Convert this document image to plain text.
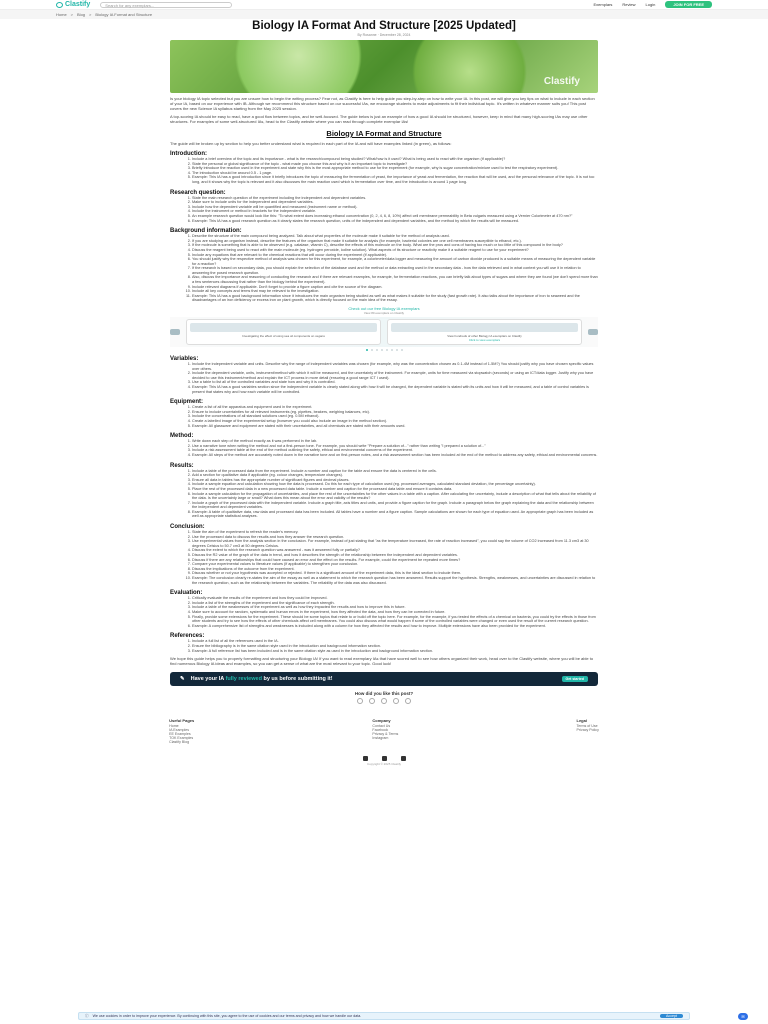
Clastify	Search for any exemplars...	Exemplars	Review	Login	JOIN FOR FREE
Home > Blog > Biology IA Format and Structure
Biology IA Format And Structure [2025 Updated]
By Rosanne · December 28, 2024
Clastify

Is your biology IA topic selected but you are unsure how to begin the writing process? Fear not, as Clastify is here to help guide you step-by-step on how to write your IA. In this post, we will give you key tips on what to include in each section of your IA, based on our experience with IB. Although we recommend this structure based on our successful IAs, we encourage students to make adjustments to fit their individual topic. It's written in whatever manner suits you! This post covers the new Science IA syllabus starting from the May 2025 session.

A top-scoring IA should be easy to read, have a good flow between topics, and be well-focused. The guide below is just an example of how a good IA should be structured, however, keep in mind that many high-scoring IAs may use other structures. For examples of some well-structured IAs, head to the Clastify website where you can read through complete exemplar IAs!

Biology IA Format and Structure

The guide will be broken up by section to help you better understand what is required in each part of the IA and will have examples linked (in green), as follows:

Introduction:
1. Include a brief overview of the topic and its importance - what is the research/compound being studied? What/how is it used? What is being used to react with the organism (if applicable)?
2. State the personal or global significance of the topic - what made you choose this and why is it an important topic to investigate?
3. Briefly introduce the reaction used in the experiment and state why this is the most appropriate method to use for the experiment (for example, why is sugar concentration/mixture used to test the respiratory experiment).
4. The introduction should be around 0.5 - 1 page.
5. Example: This IA has a good introduction since it briefly introduces the topic of measuring the fermentation of yeast, the importance of yeast and fermentation, the reaction that will be used, and the personal relevance of the topic. It is not too long, and it shows why the topic is relevant and it also discusses the main reaction used which is fermentation over time, and the introduction is around 1 page long.
Research question:
1. State the main research question of the experiment including the independent and dependent variables.
2. Make sure to include units for the independent and dependent variables.
3. Include how the dependent variable will be quantified and measured (instrument name or method).
4. Include the instrument or method in brackets for the independent variable.
5. An example research question would look like this: "To what extent does increasing ethanol concentration (0, 2, 4, 6, 8, 10%) affect cell membrane permeability in Beta vulgaris measured using a Vernier Colorimeter at 470 nm?"
6. Example: This IA has a good research question as it clearly states the research question, units of the independent and dependent variables, and the method by which the results will be measured.
Background information:
1. Describe the structure of the main compound being analyzed. Talk about what properties of the molecule make it suitable for the method of analysis used.
2. If you are studying an organism instead, describe the features of the organism that make it suitable for analysis (for example, bacterial colonies are one cell membranes susceptible to ethanol, etc.).
3. If the molecule is something that is able to be observed (e.g. catalase, vitamin C), describe the effects of this molecule on the body. What are the pros and cons of having too much or too little of this compound in the body?
4. Discuss the reagent being used to react with the main molecule (eg. hydrogen peroxide, iodine solution). What aspects of its structure or reactivity make it a suitable reagent to use for your experiment?
5. Include any equations that are relevant to the chemical reactions that will occur during the experiment (if applicable).
6. You should justify why the respective method of analysis was chosen for this experiment, for example, a colorimeter/data logger and measuring the amount of carbon dioxide produced is a suitable means of measuring the dependent variable for a reaction?
7. If the research is based on secondary data, you should explain the selection of the database used and the method or data extracting used in the secondary data - how the data retrieved and in what context you will use it in relation to answering the posed research question.
8. Also, discuss the importance and reasoning of conducting the research and if there are relevant examples, for example, for fermentation reactions, you can briefly talk about types of sugars and where they are found (we don't spend more than a few sentences discussing that rather than the biology behind the experiment).
9. Include relevant diagrams if applicable. Don't forget to provide a figure caption and cite the source of the diagram.
10. Include all key concepts and terms that may be relevant to the investigation.
11. Example: This IA has a good background information since it introduces the main organism being studied as well as what makes it suitable for the study (fast growth rate). It also talks about the importance of iron to seaweed and the disadvantages of an iron deficiency or excess iron on plant growth, which is directly focused on the main idea of the essay.
Check out our free Biology IA exemplars
View 80 exemplars on Clastify
Investigating the effect of using sea oil components on vegans	View hundreds of other Biology IA exemplars on Clastify
Click to view exemplars
Variables:
1. Include the independent variable and units. Describe why the range of independent variables was chosen (for example, why was the concentration chosen as 0.1-4M instead of 1-5M?) You should justify why you have chosen specific values over others.
2. Include the dependent variable, units, instrument/method with which it will be measured, and the uncertainty of the instrument. For example, units for time measured via stopwatch (seconds) or using an ICT/data logger. Justify why you have decided to use this instrument/method and explain the ICT process in more detail (ensuring a good range ICT I used).
3. Use a table to list all of the controlled variables and state how and why it is controlled.
4. Example: This IA has a good variables section since the independent variable is clearly stated along with how it will be changed, the dependent variable is stated with its units and how it will be measured, and a table of control variables is present that states why and how each variable will be controlled.
Equipment:
1. Create a list of all the apparatus and equipment used in the experiment.
2. Ensure to include uncertainties for all relevant instruments (eg. pipettes, beakers, weighing balances, etc).
3. Include the concentrations of all standard solutions used (eg. 0.5M ethanol).
4. Create a labelled image of the experimental setup (however you could also include an image in the method section).
5. Example: All glassware and equipment are stated with their uncertainties, and all chemicals are stated with their amounts used.
Method:
1. Write down each step of the method exactly as it was performed in the lab.
2. Use a narrative tone when writing the method and not a first-person tone. For example, you should write "Prepare a solution of..." rather than writing "I prepared a solution of..."
3. Include a risk assessment table at the end of the method outlining the safety, ethical and environmental concerns of the experiment.
4. Example: All steps of the method are accurately noted down in the narrative tone and on first-person notes, and a risk assessment section has been included at the end of the method to address any safety, ethical and environmental concerns.
Results:
1. Include a table of the processed data from the experiment. Include a number and caption for the table and ensure the data is centered in the cells.
2. Add a section for qualitative data if applicable (eg. colour changes, temperature changes).
3. Ensure all data in tables has the appropriate number of significant figures and decimal places.
4. Include a sample equation and calculation showing how the data is processed. Do this for each type of calculation used (eg. processed averages, calculated standard deviation, the percentage uncertainty).
5. Place the rest of the processed data in a new processed data table. Include a number and caption for the processed data table and ensure it contains data.
6. Include a sample calculation for the propagation of uncertainties, and place the rest of the uncertainties for the other values in a table with a caption. After calculating the uncertainty, include a description of what that tells about the reliability of the data. Is the uncertainty large or small? What does this mean about the error and validity of the results?
7. Include a graph of the processed data with the independent variable. Include a graph title, axis titles and units, and provide a figure caption for the graph. Include a paragraph below the graph explaining the data and the relationship between the independent and dependent variables.
8. Example: A table of qualitative data, raw data and processed data has been included. All tables have a number and a figure caption. Sample calculations are shown for each type of equation used. An appropriate graph has been included as well as appropriate statistical analyses.
Conclusion:
1. State the aim of the experiment to refresh the reader's memory.
2. Use the processed data to discuss the results and how they answer the research question.
3. Use experimental values from the analysis section in the conclusion. For example, instead of just stating that "as the temperature increased, the rate of reaction increased", you could say the volume of CO2 increased from 11.3 cm3 at 30 degrees Celsius to 50.7 cm3 at 50 degrees Celsius.
4. Discuss the extent to which the research question was answered - was it answered fully or partially?
5. Discuss the R2 value of the graph of the data in trend, and how it describes the strength of the relationship between the independent and dependent variables.
6. Discuss if there are any relationships that could have caused an error and the effect on the results. For example, could the experiment be repeated more times?
7. Compare your experimental values to literature values (if applicable) to strengthen your conclusion.
8. Discuss the implications of the outcome from the experiment.
9. Discuss whether or not your hypothesis was accepted or rejected. If there is a significant amount of the experiment data, this is the ideal section to include them.
10. Example: The conclusion clearly re-states the aim of the essay as well as a statement to which the research question has been answered. Results support the hypothesis. Strengths, weaknesses, and uncertainties are discussed in relation to the research question, such as the relationship between the variables. The reliability of the data was also discussed.
Evaluation:
1. Critically evaluate the results of the experiment and how they could be improved.
2. Include a list of the strengths of the experiment and the significance of each strength.
3. Include a table of the weaknesses of the experiment as well as how they impacted the results and how to improve this in future.
4. Make sure to account for random, systematic and human errors in the experiment, how they affected the data, and how they can be corrected in future.
5. Finally, provide some extensions for the experiment. These should be some topics that relate to or build off the topic here. For example, for the example, if you tested the effects of a chemical on bacteria, you could try the effects in those from other students and try to see how the effects of other chemicals affect cell membranes. You could also discuss what would happen if some of the controlled variables were changed or even used the result of the current research question.
6. Example: A comprehensive list of strengths and weaknesses is included along with a column for how they affected the results and how to improve. Multiple extensions have also been provided for the experiment.
References:
1. Include a full list of all the references used in the IA.
2. Ensure the bibliography is in the same citation style used in the introduction and background information section.
3. Example: A full reference list has been included and is in the same citation style as used in the introduction and background information section.

We hope this guide helps you to properly formatting and structuring your Biology IA! If you want to read exemplary IAs that have scored well to see how others organized their work, head over to the Clastify website, where you will be able to find numerous Biology IA ideas and examples, so you can get a sense of what are the most relevant to your topic. Good luck!

✎ Have your IA fully reviewed by us before submitting it!	Get started
How did you like this post?
Useful Pages
Home
IA Examples
EE Examples
TOK Examples
Clastify Blog
Company
Contact Us
Facebook
Privacy & Terms
Instagram
Legal
Terms of Use
Privacy Policy
Copyright © 2025 Clastify
ⓘ We use cookies in order to improve your experience. By continuing with this site, you agree to the use of cookies and our terms and privacy and how we handle our data.	Accept	✉
